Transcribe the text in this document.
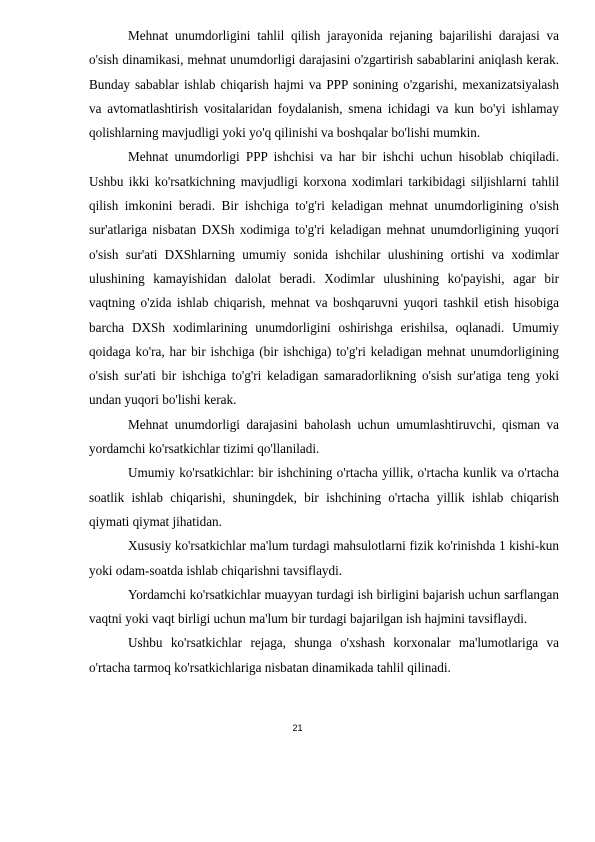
Mehnat unumdorligini tahlil qilish jarayonida rejaning bajarilishi darajasi va o'sish dinamikasi, mehnat unumdorligi darajasini o'zgartirish sabablarini aniqlash kerak. Bunday sabablar ishlab chiqarish hajmi va PPP sonining o'zgarishi, mexanizatsiyalash va avtomatlashtirish vositalaridan foydalanish, smena ichidagi va kun bo'yi ishlamay qolishlarning mavjudligi yoki yo'q qilinishi va boshqalar bo'lishi mumkin.

Mehnat unumdorligi PPP ishchisi va har bir ishchi uchun hisoblab chiqiladi. Ushbu ikki ko'rsatkichning mavjudligi korxona xodimlari tarkibidagi siljishlarni tahlil qilish imkonini beradi. Bir ishchiga to'g'ri keladigan mehnat unumdorligining o'sish sur'atlariga nisbatan DXSh xodimiga to'g'ri keladigan mehnat unumdorligining yuqori o'sish sur'ati DXShlarning umumiy sonida ishchilar ulushining ortishi va xodimlar ulushining kamayishidan dalolat beradi. Xodimlar ulushining ko'payishi, agar bir vaqtning o'zida ishlab chiqarish, mehnat va boshqaruvni yuqori tashkil etish hisobiga barcha DXSh xodimlarining unumdorligini oshirishga erishilsa, oqlanadi. Umumiy qoidaga ko'ra, har bir ishchiga (bir ishchiga) to'g'ri keladigan mehnat unumdorligining o'sish sur'ati bir ishchiga to'g'ri keladigan samaradorlikning o'sish sur'atiga teng yoki undan yuqori bo'lishi kerak.

Mehnat unumdorligi darajasini baholash uchun umumlashtiruvchi, qisman va yordamchi ko'rsatkichlar tizimi qo'llaniladi.

Umumiy ko'rsatkichlar: bir ishchining o'rtacha yillik, o'rtacha kunlik va o'rtacha soatlik ishlab chiqarishi, shuningdek, bir ishchining o'rtacha yillik ishlab chiqarish qiymati qiymat jihatidan.

Xususiy ko'rsatkichlar ma'lum turdagi mahsulotlarni fizik ko'rinishda 1 kishi-kun yoki odam-soatda ishlab chiqarishni tavsiflaydi.

Yordamchi ko'rsatkichlar muayyan turdagi ish birligini bajarish uchun sarflangan vaqtni yoki vaqt birligi uchun ma'lum bir turdagi bajarilgan ish hajmini tavsiflaydi.

Ushbu ko'rsatkichlar rejaga, shunga o'xshash korxonalar ma'lumotlariga va o'rtacha tarmoq ko'rsatkichlariga nisbatan dinamikada tahlil qilinadi.

21
